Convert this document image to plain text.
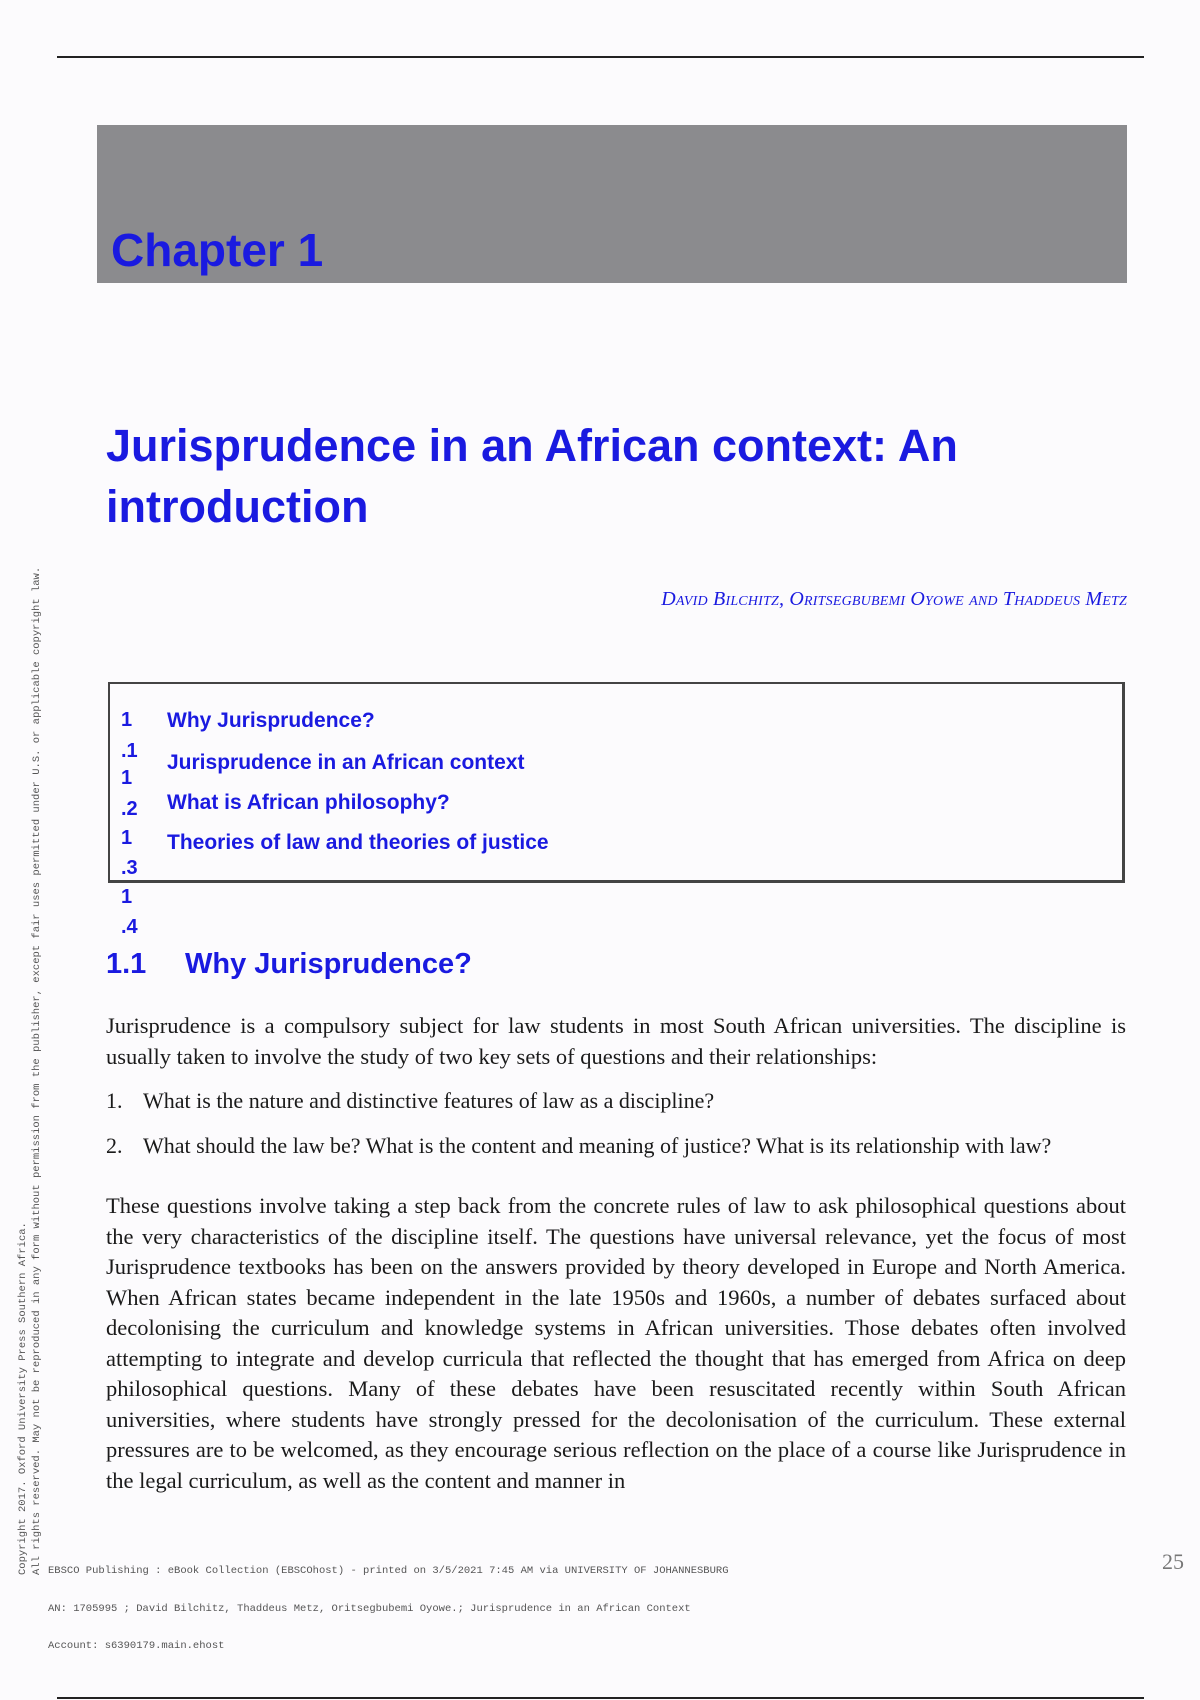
Chapter 1
Jurisprudence in an African context: An introduction

David Bilchitz, Oritsegbubemi Oyowe and Thaddeus Metz

1
.1
1
.2
1
.3
1
.4
Why Jurisprudence?
Jurisprudence in an African context
What is African philosophy?
Theories of law and theories of justice
1.1 Why Jurisprudence?

Jurisprudence is a compulsory subject for law students in most South African universities. The discipline is usually taken to involve the study of two key sets of questions and their relationships:

1. What is the nature and distinctive features of law as a discipline?

2. What should the law be? What is the content and meaning of justice? What is its relationship with law?

These questions involve taking a step back from the concrete rules of law to ask philosophical questions about the very characteristics of the discipline itself. The questions have universal relevance, yet the focus of most Jurisprudence textbooks has been on the answers provided by theory developed in Europe and North America. When African states became independent in the late 1950s and 1960s, a number of debates surfaced about decolonising the curriculum and knowledge systems in African universities. Those debates often involved attempting to integrate and develop curricula that reflected the thought that has emerged from Africa on deep philosophical questions. Many of these debates have been resuscitated recently within South African universities, where students have strongly pressed for the decolonisation of the curriculum. These external pressures are to be welcomed, as they encourage serious reflection on the place of a course like Jurisprudence in the legal curriculum, as well as the content and manner in

Copyright 2017. Oxford University Press Southern Africa. All rights reserved. May not be reproduced in any form without permission from the publisher, except fair uses permitted under U.S. or applicable copyright law.

EBSCO Publishing : eBook Collection (EBSCOhost) - printed on 3/5/2021 7:45 AM via UNIVERSITY OF JOHANNESBURG

AN: 1705995 ; David Bilchitz, Thaddeus Metz, Oritsegbubemi Oyowe.; Jurisprudence in an African Context

Account: s6390179.main.ehost

25
